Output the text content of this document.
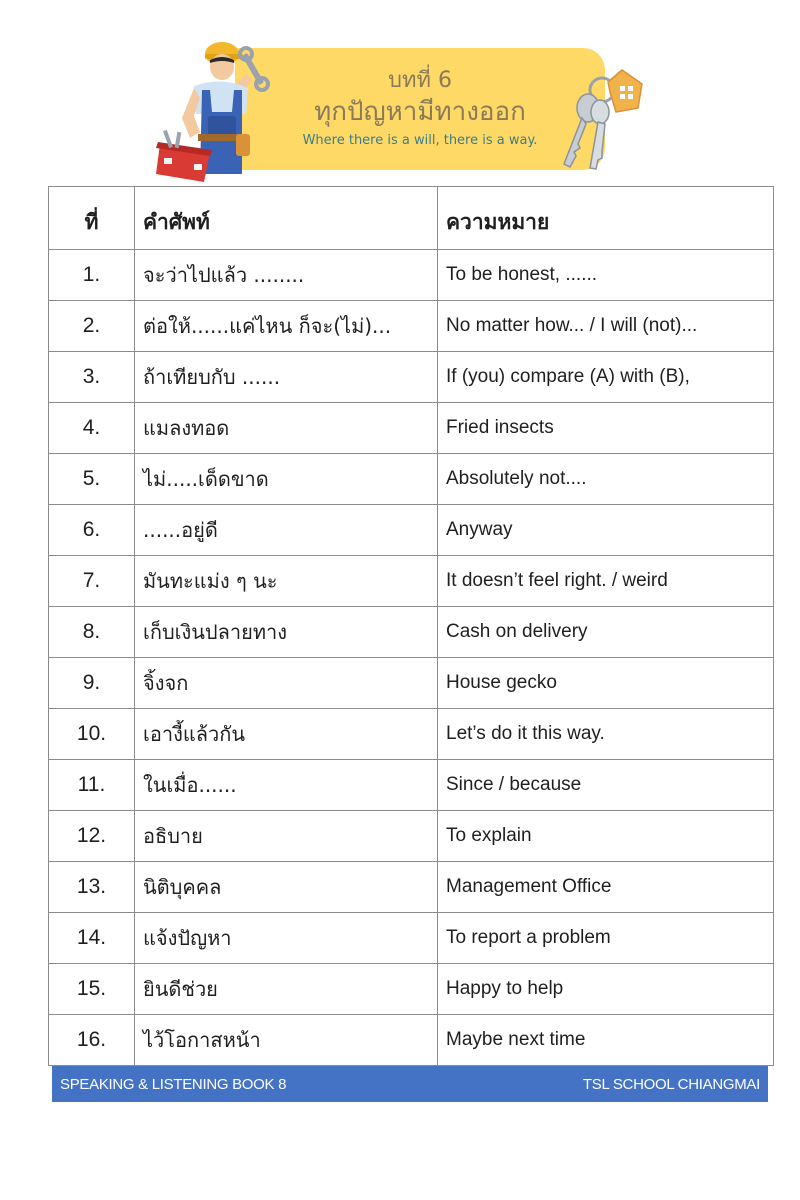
บทที่ 6
ทุกปัญหามีทางออก
Where there is a will, there is a way.
ที่	คำศัพท์	ความหมาย
1.	จะว่าไปแล้ว ........	To be honest, ......
2.	ต่อให้......แค่ไหน ก็จะ(ไม่)...	No matter how... / I will (not)...
3.	ถ้าเทียบกับ ......	If (you) compare (A) with (B),
4.	แมลงทอด	Fried insects
5.	ไม่.....เด็ดขาด	Absolutely not....
6.	......อยู่ดี	Anyway
7.	มันทะแม่ง ๆ นะ	It doesn’t feel right. / weird
8.	เก็บเงินปลายทาง	Cash on delivery
9.	จิ้งจก	House gecko
10.	เอางี้แล้วกัน	Let’s do it this way.
11.	ในเมื่อ......	Since / because
12.	อธิบาย	To explain
13.	นิติบุคคล	Management Office
14.	แจ้งปัญหา	To report a problem
15.	ยินดีช่วย	Happy to help
16.	ไว้โอกาสหน้า	Maybe next time
SPEAKING & LISTENING BOOK 8	TSL SCHOOL CHIANGMAI
